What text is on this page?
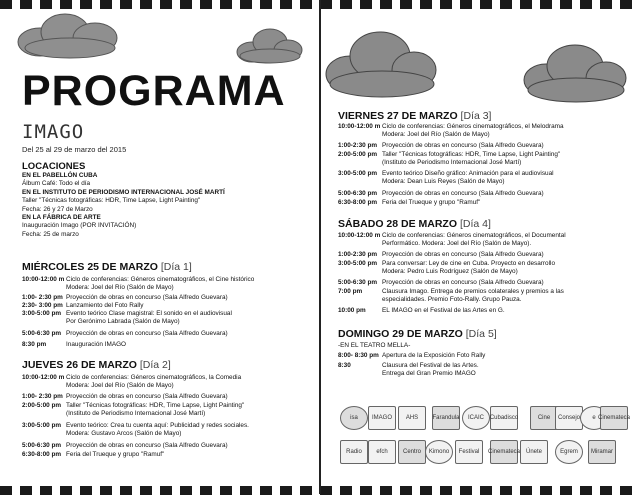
PROGRAMA
IMAGO
Del 25 al 29 de marzo del 2015
LOCACIONES
EN EL PABELLÓN CUBA
Álbum Café: Todo el día
EN EL INSTITUTO DE PERIODISMO INTERNACIONAL JOSÉ MARTÍ
Taller "Técnicas fotográficas: HDR, Time Lapse, Light Painting"
Fecha: 26 y 27 de Marzo
EN LA FÁBRICA DE ARTE
Inauguración Imago (POR INVITACIÓN)
Fecha: 25 de marzo
MIÉRCOLES 25 DE MARZO [Día 1]
10:00-12:00 m Ciclo de conferencias: Géneros cinematográficos, el Cine histórico
Modera: Joel del Río (Salón de Mayo)
1:00- 2:30 pm Proyección de obras en concurso (Sala Alfredo Guevara)
2:30- 3:00 pm Lanzamiento del Foto Rally
3:00-5:00 pm Evento teórico Clase magistral: El sonido en el audiovisual
Por Gerónimo Labrada (Salón de Mayo)
5:00-6:30 pm Proyección de obras en concurso (Sala Alfredo Guevara)
8:30 pm	Inauguración IMAGO
JUEVES 26 DE MARZO [Día 2]
10:00-12:00 m Ciclo de conferencias: Géneros cinematográficos, la Comedia
Modera: Joel del Río (Salón de Mayo)
1:00- 2:30 pm Proyección de obras en concurso (Sala Alfredo Guevara)
2:00-5:00 pm Taller "Técnicas fotográficas: HDR, Time Lapse, Light Painting"
(Instituto de Periodismo Internacional José Martí)
3:00-5:00 pm Evento teórico: Crea tu cuenta aquí: Publicidad y redes sociales.
Modera: Gustavo Arcos (Salón de Mayo)
5:00-6:30 pm Proyección de obras en concurso (Sala Alfredo Guevara)
6:30-8:00 pm Feria del Trueque y grupo "Ramuf"
VIERNES 27 DE MARZO [Día 3]
10:00-12:00 m Ciclo de conferencias: Géneros cinematográficos, el Melodrama
Modera: Joel del Río (Salón de Mayo)
1:00-2:30 pm Proyección de obras en concurso (Sala Alfredo Guevara)
2:00-5:00 pm Taller "Técnicas fotográficas: HDR, Time Lapse, Light Painting"
(Instituto de Periodismo Internacional José Martí)
3:00-5:00 pm Evento teórico Diseño gráfico: Animación para el audiovisual
Modera: Dean Luis Reyes (Salón de Mayo)
5:00-6:30 pm Proyección de obras en concurso (Sala Alfredo Guevara)
6:30-8:00 pm Feria del Trueque y grupo "Ramuf"
SÁBADO 28 DE MARZO [Día 4]
10:00-12:00 m Ciclo de conferencias: Géneros cinematográficos, el Documental
Performático. Modera: Joel del Río (Salón de Mayo).
1:00-2:30 pm Proyección de obras en concurso (Sala Alfredo Guevara)
3:00-5:00 pm Para conversar: Ley de cine en Cuba. Proyecto en desarrollo
Modera: Pedro Luis Rodríguez (Salón de Mayo)
5:00-6:30 pm Proyección de obras en concurso (Sala Alfredo Guevara)
7:00 pm	Clausura Imago. Entrega de premios colaterales y premios a las
especialidades. Premio Foto-Rally. Grupo Pauza.
10:00 pm	EL IMAGO en el Festival de las Artes en G.
DOMINGO 29 DE MARZO [Día 5]
-EN EL TEATRO MELLA-
8:00- 8:30 pm Apertura de la Exposición Foto Rally
8:30	Clausura del Festival de las Artes.
Entrega del Gran Premio IMAGO
isa	IMAGO	AHS	Farandula	ICAIC Cubadisco	Cine	Consejo	e Cinemateca
Radio	efch	Centro	Kimono	Festival	Cinemateca Únete	Egrem	Miramar
